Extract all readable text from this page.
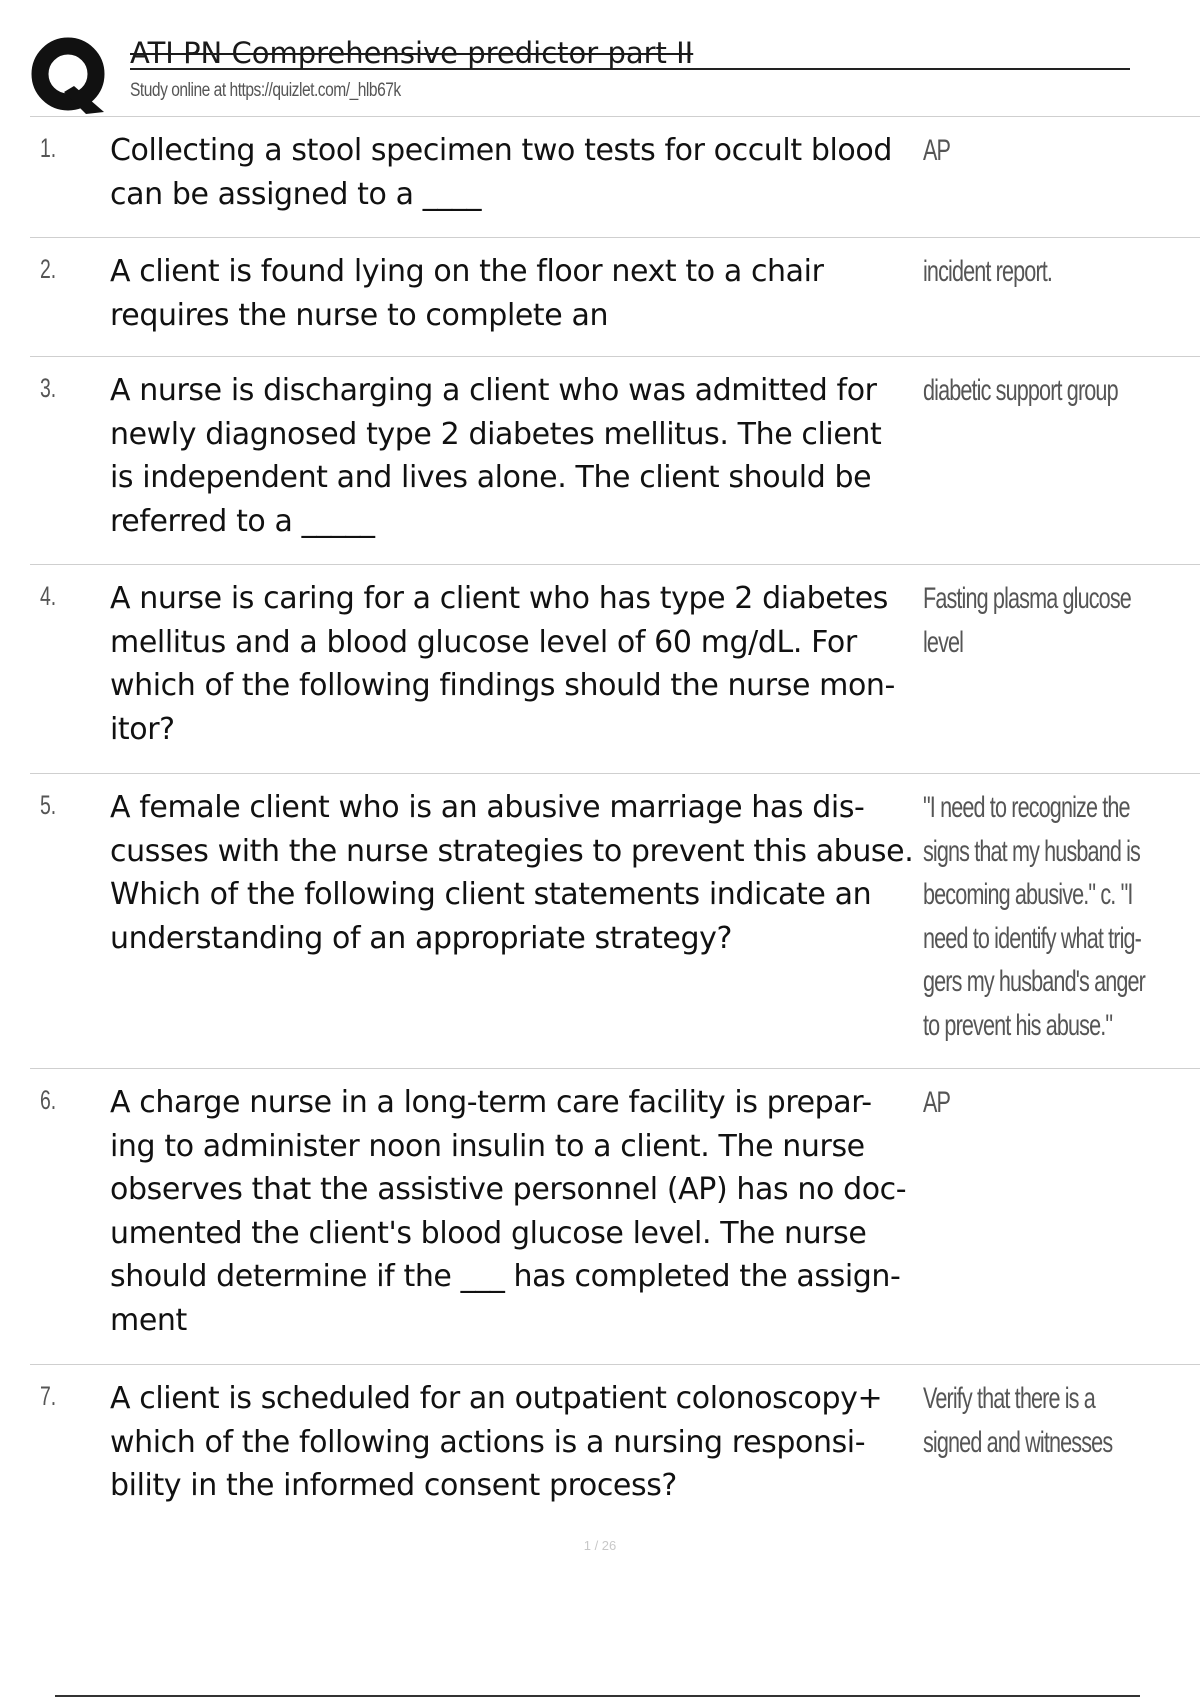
ATI PN Comprehensive predictor part II
Study online at https://quizlet.com/_hlb67k
1. Collecting a stool specimen two tests for occult blood
can be assigned to a ____
AP
2. A client is found lying on the floor next to a chair
requires the nurse to complete an
incident report.
3. A nurse is discharging a client who was admitted for
newly diagnosed type 2 diabetes mellitus. The client
is independent and lives alone. The client should be
referred to a _____
diabetic support group
4. A nurse is caring for a client who has type 2 diabetes
mellitus and a blood glucose level of 60 mg/dL. For
which of the following findings should the nurse mon-
itor?
Fasting plasma glucose
level
5. A female client who is an abusive marriage has dis-
cusses with the nurse strategies to prevent this abuse.
Which of the following client statements indicate an
understanding of an appropriate strategy?
"I need to recognize the
signs that my husband is
becoming abusive." c. "I
need to identify what trig-
gers my husband's anger
to prevent his abuse."
6. A charge nurse in a long-term care facility is prepar-
ing to administer noon insulin to a client. The nurse
observes that the assistive personnel (AP) has no doc-
umented the client's blood glucose level. The nurse
should determine if the ___ has completed the assign-
ment
AP
7. A client is scheduled for an outpatient colonoscopy+
which of the following actions is a nursing responsi-
bility in the informed consent process?
Verify that there is a
signed and witnesses
1 / 26
